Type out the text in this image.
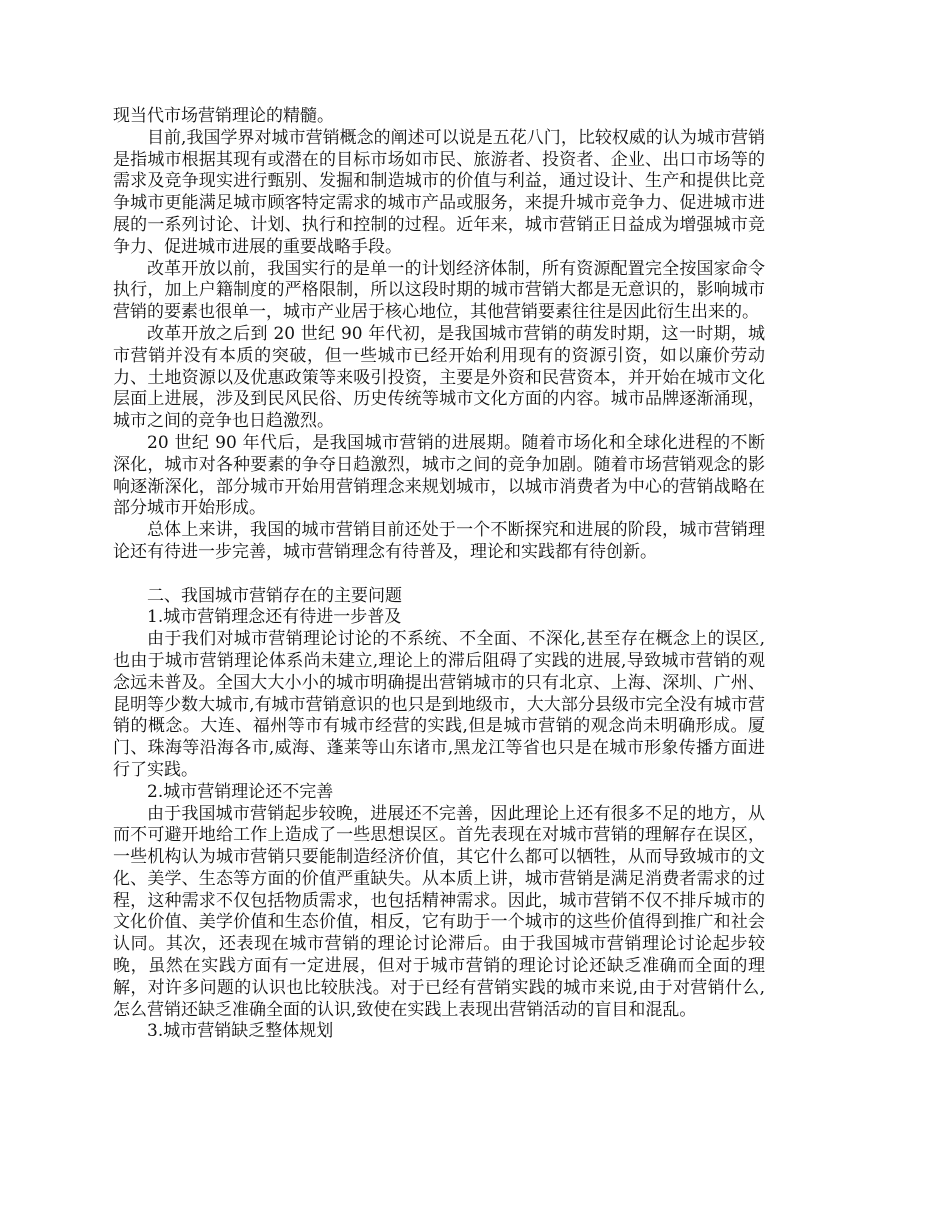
现当代市场营销理论的精髓。

目前,我国学界对城市营销概念的阐述可以说是五花八门，比较权威的认为城市营销是指城市根据其现有或潜在的目标市场如市民、旅游者、投资者、企业、出口市场等的需求及竞争现实进行甄别、发掘和制造城市的价值与利益，通过设计、生产和提供比竞争城市更能满足城市顾客特定需求的城市产品或服务，来提升城市竞争力、促进城市进展的一系列讨论、计划、执行和控制的过程。近年来，城市营销正日益成为增强城市竞争力、促进城市进展的重要战略手段。

改革开放以前，我国实行的是单一的计划经济体制，所有资源配置完全按国家命令执行，加上户籍制度的严格限制，所以这段时期的城市营销大都是无意识的，影响城市营销的要素也很单一，城市产业居于核心地位，其他营销要素往往是因此衍生出来的。

改革开放之后到 20 世纪 90 年代初，是我国城市营销的萌发时期，这一时期，城市营销并没有本质的突破，但一些城市已经开始利用现有的资源引资，如以廉价劳动力、土地资源以及优惠政策等来吸引投资，主要是外资和民营资本，并开始在城市文化层面上进展，涉及到民风民俗、历史传统等城市文化方面的内容。城市品牌逐渐涌现，城市之间的竞争也日趋激烈。

20 世纪 90 年代后，是我国城市营销的进展期。随着市场化和全球化进程的不断深化，城市对各种要素的争夺日趋激烈，城市之间的竞争加剧。随着市场营销观念的影响逐渐深化，部分城市开始用营销理念来规划城市，以城市消费者为中心的营销战略在部分城市开始形成。

总体上来讲，我国的城市营销目前还处于一个不断探究和进展的阶段，城市营销理论还有待进一步完善，城市营销理念有待普及，理论和实践都有待创新。

二、我国城市营销存在的主要问题

1.城市营销理念还有待进一步普及

由于我们对城市营销理论讨论的不系统、不全面、不深化,甚至存在概念上的误区,也由于城市营销理论体系尚未建立,理论上的滞后阻碍了实践的进展,导致城市营销的观念远未普及。全国大大小小的城市明确提出营销城市的只有北京、上海、深圳、广州、昆明等少数大城市,有城市营销意识的也只是到地级市，大大部分县级市完全没有城市营销的概念。大连、福州等市有城市经营的实践,但是城市营销的观念尚未明确形成。厦门、珠海等沿海各市,威海、蓬莱等山东诸市,黑龙江等省也只是在城市形象传播方面进行了实践。

2.城市营销理论还不完善

由于我国城市营销起步较晚，进展还不完善，因此理论上还有很多不足的地方，从而不可避开地给工作上造成了一些思想误区。首先表现在对城市营销的理解存在误区，一些机构认为城市营销只要能制造经济价值，其它什么都可以牺牲，从而导致城市的文化、美学、生态等方面的价值严重缺失。从本质上讲，城市营销是满足消费者需求的过程，这种需求不仅包括物质需求，也包括精神需求。因此，城市营销不仅不排斥城市的文化价值、美学价值和生态价值，相反，它有助于一个城市的这些价值得到推广和社会认同。其次，还表现在城市营销的理论讨论滞后。由于我国城市营销理论讨论起步较晚，虽然在实践方面有一定进展，但对于城市营销的理论讨论还缺乏准确而全面的理解，对许多问题的认识也比较肤浅。对于已经有营销实践的城市来说,由于对营销什么,怎么营销还缺乏准确全面的认识,致使在实践上表现出营销活动的盲目和混乱。

3.城市营销缺乏整体规划
